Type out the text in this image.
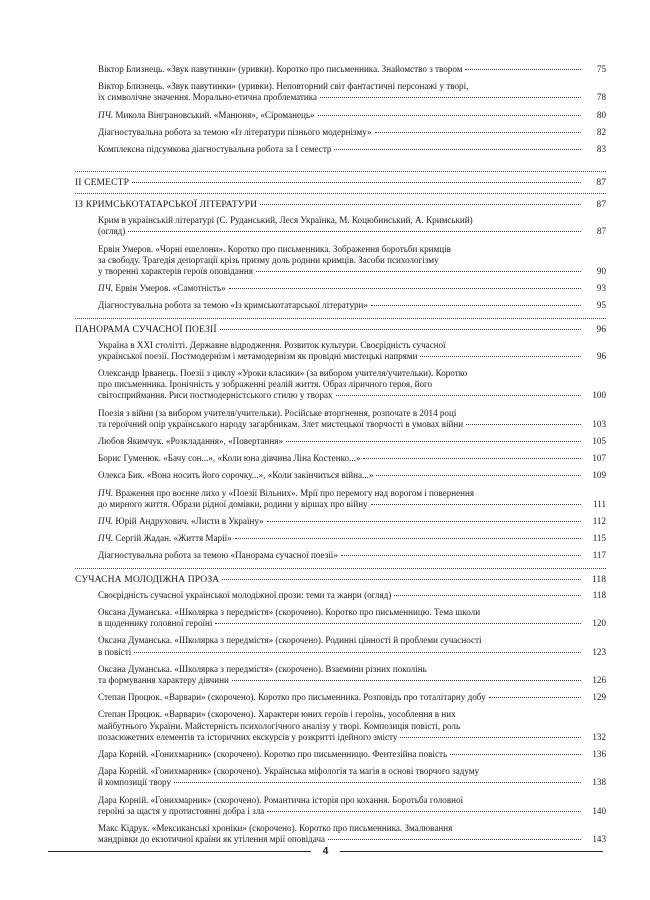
Віктор Близнець. «Звук павутинки» (уривки). Коротко про письменника. Знайомство з твором	75
Віктор Близнець. «Звук павутинки» (уривки). Неповторний світ фантастичні персонажі у творі,
їх символічне значення. Морально-етична проблематика	78
ПЧ. Микола Вінграновський. «Манюня», «Сіроманець»	80
Діагностувальна робота за темою «Із літератури пізнього модернізму»	82
Комплексна підсумкова діагностувальна робота за I семестр	83
II СЕМЕСТР	87
ІЗ КРИМСЬКОТАТАРСЬКОЇ ЛІТЕРАТУРИ	87
Крим в українській літературі (С. Руданський, Леся Українка, М. Коцюбинський, А. Кримський)
(огляд)	87
Ервін Умеров. «Чорні ешелони». Коротко про письменника. Зображення боротьби кримців
за свободу. Трагедія депортації крізь призму доль родини кримців. Засоби психологізму
у творенні характерів героїв оповідання	90
ПЧ. Ервін Умеров. «Самотність»	93
Діагностувальна робота за темою «Із кримськотатарської літератури»	95
ПАНОРАМА СУЧАСНОЇ ПОЕЗІЇ	96
Україна в XXI столітті. Державне відродження. Розвиток культури. Своєрідність сучасної
української поезії. Постмодернізм і метамодернізм як провідні мистецькі напрями	96
Олександр Ірванець. Поезії з циклу «Уроки класики» (за вибором учителя/учительки). Коротко
про письменника. Іронічність у зображенні реалій життя. Образ ліричного героя, його
світосприймання. Риси постмодерністського стилю у творах	100
Поезія з війни (за вибором учителя/учительки). Російське вторгнення, розпочате в 2014 році
та героїчний опір українського народу загарбникам. Злет мистецької творчості в умовах війни	103
Любов Якимчук. «Розкладання», «Повертання»	105
Борис Гуменюк. «Бачу сон...», «Коли юна дівчина Ліна Костенко...»	107
Олекса Бик. «Вона носить його сорочку...», «Коли закінчиться війна...»	109
ПЧ. Враження про воєнне лихо у «Поезії Вільних». Мрії про перемогу над ворогом і повернення
до мирного життя. Образи рідної домівки, родини у віршах про війну	111
ПЧ. Юрій Андрухович. «Листи в Україну»	112
ПЧ. Сергій Жадан. «Життя Марії»	115
Діагностувальна робота за темою «Панорама сучасної поезії»	117
СУЧАСНА МОЛОДІЖНА ПРОЗА	118
Своєрідність сучасної української молодіжної прози: теми та жанри (огляд)	118
Оксана Думанська. «Школярка з передмістя» (скорочено). Коротко про письменницю. Тема школи
в щоденнику головної героїні	120
Оксана Думанська. «Школярка з передмістя» (скорочено). Родинні цінності й проблеми сучасності
в повісті	123
Оксана Думанська. «Школярка з передмістя» (скорочено). Взаємини різних поколінь
та формування характеру дівчини	126
Степан Процюк. «Варвари» (скорочено). Коротко про письменника. Розповідь про тоталітарну добу	129
Степан Процюк. «Варвари» (скорочено). Характери юних героїв і героїнь, уособлення в них
майбутнього України. Майстерність психологічного аналізу у творі. Композиція повісті, роль
позасюжетних елементів та історичних екскурсів у розкритті ідейного змісту	132
Дара Корній. «Гонихмарник» (скорочено). Коротко про письменницю. Фентезійна повість	136
Дара Корній. «Гонихмарник» (скорочено). Українська міфологія та магія в основі творчого задуму
й композиції твору	138
Дара Корній. «Гонихмарник» (скорочено). Романтична історія про кохання. Боротьба головної
героїні за щастя у протистоянні добра і зла	140
Макс Кідрук. «Мексиканські хроніки» (скорочено). Коротко про письменника. Змалювання
мандрівки до екзотичної країни як утілення мрії оповідача	143
4
